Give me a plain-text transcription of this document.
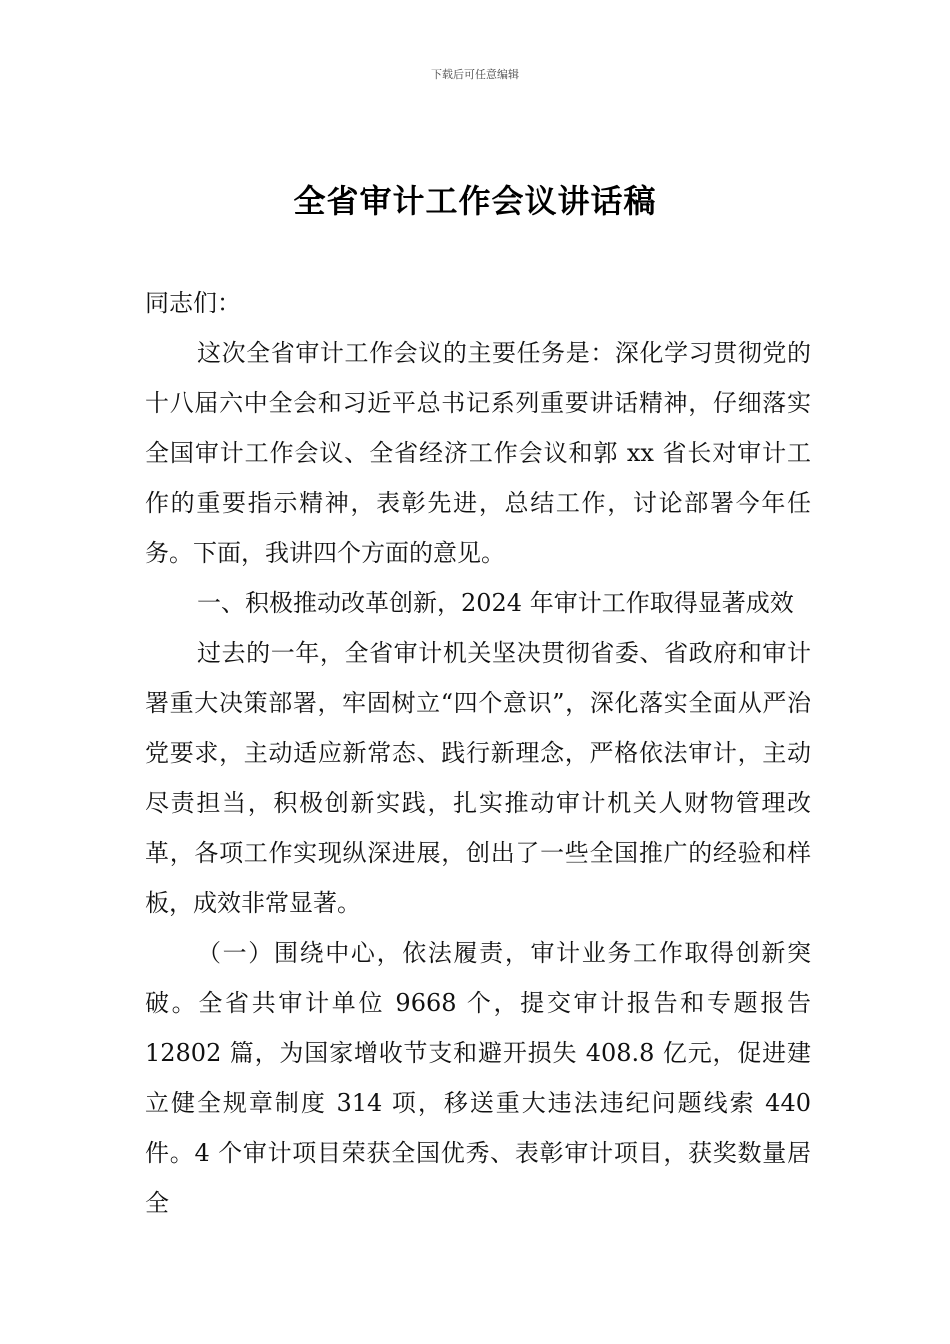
下载后可任意编辑
全省审计工作会议讲话稿

同志们：

这次全省审计工作会议的主要任务是：深化学习贯彻党的十八届六中全会和习近平总书记系列重要讲话精神，仔细落实全国审计工作会议、全省经济工作会议和郭 xx 省长对审计工作的重要指示精神，表彰先进，总结工作，讨论部署今年任务。下面，我讲四个方面的意见。

一、积极推动改革创新，2024 年审计工作取得显著成效

过去的一年，全省审计机关坚决贯彻省委、省政府和审计署重大决策部署，牢固树立“四个意识”，深化落实全面从严治党要求，主动适应新常态、践行新理念，严格依法审计，主动尽责担当，积极创新实践，扎实推动审计机关人财物管理改革，各项工作实现纵深进展，创出了一些全国推广的经验和样板，成效非常显著。

（一）围绕中心，依法履责，审计业务工作取得创新突破。全省共审计单位 9668 个，提交审计报告和专题报告 12802 篇，为国家增收节支和避开损失 408.8 亿元，促进建立健全规章制度 314 项，移送重大违法违纪问题线索 440 件。4 个审计项目荣获全国优秀、表彰审计项目，获奖数量居全
